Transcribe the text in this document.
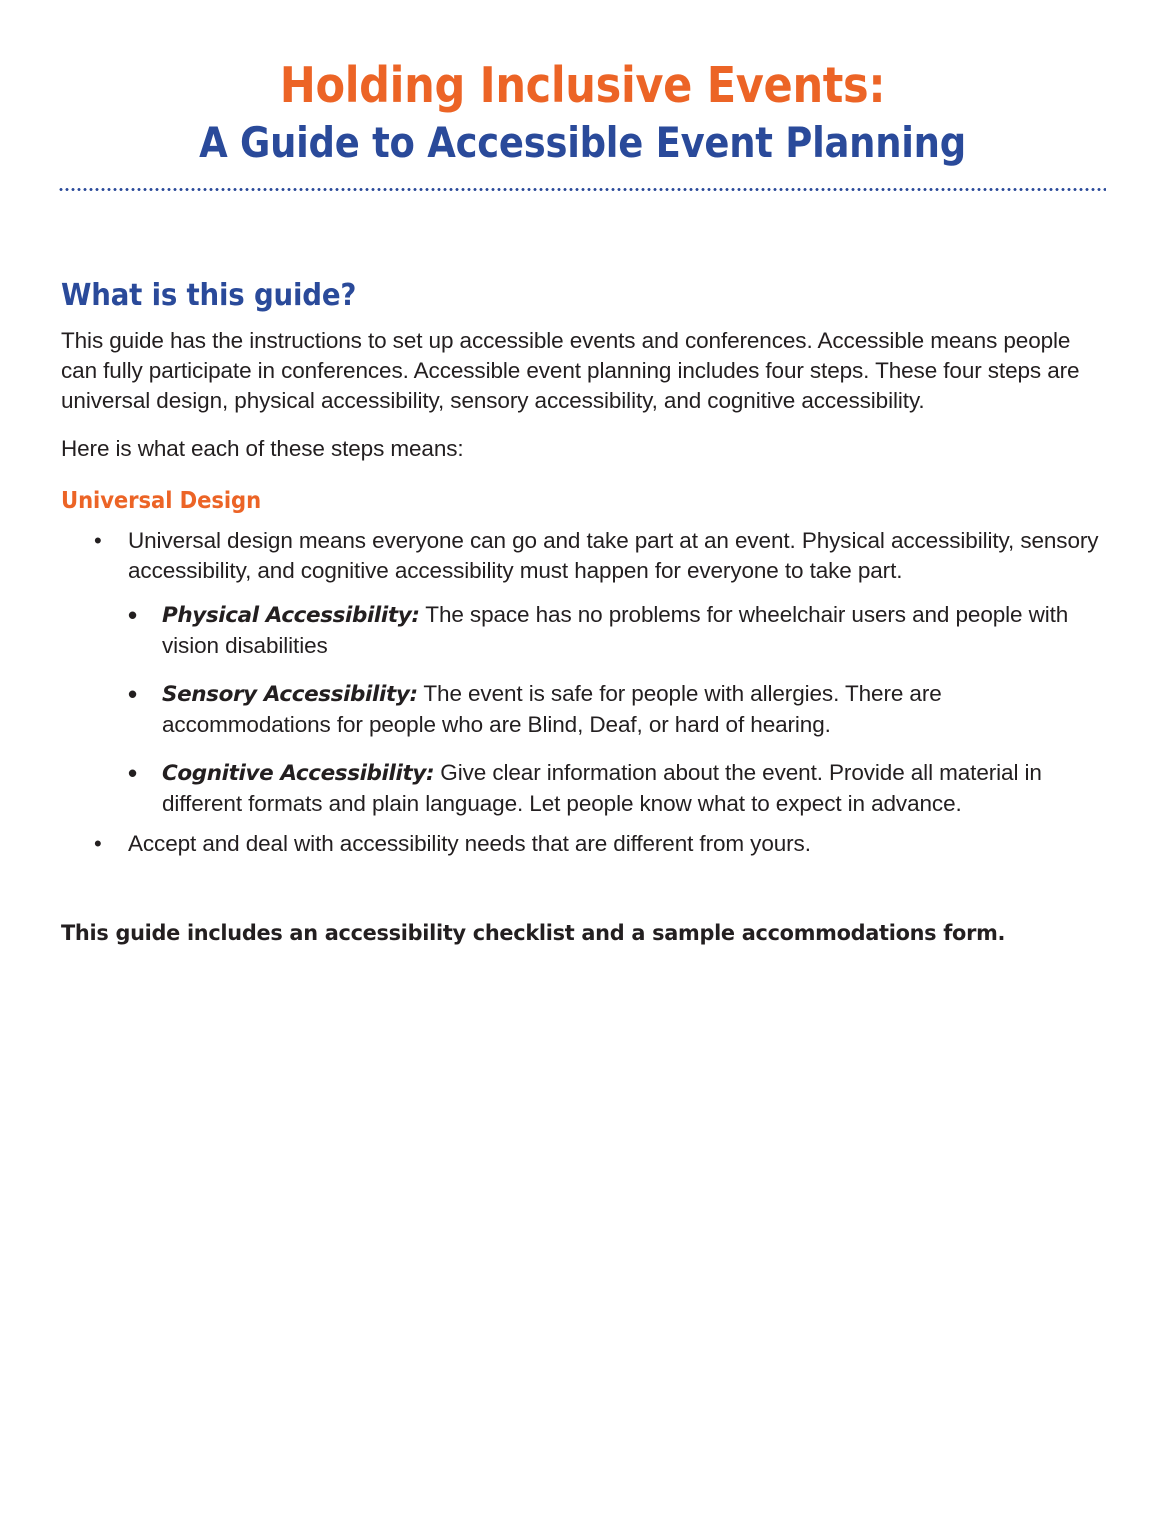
Holding Inclusive Events:
A Guide to Accessible Event Planning
What is this guide?

This guide has the instructions to set up accessible events and conferences. Accessible means people can fully participate in conferences. Accessible event planning includes four steps. These four steps are universal design, physical accessibility, sensory accessibility, and cognitive accessibility.

Here is what each of these steps means:

Universal Design
• Universal design means everyone can go and take part at an event. Physical accessibility, sensory accessibility, and cognitive accessibility must happen for everyone to take part.
• Physical Accessibility: The space has no problems for wheelchair users and people with vision disabilities
• Sensory Accessibility: The event is safe for people with allergies. There are accommodations for people who are Blind, Deaf, or hard of hearing.
• Cognitive Accessibility: Give clear information about the event. Provide all material in different formats and plain language. Let people know what to expect in advance.
• Accept and deal with accessibility needs that are different from yours.

This guide includes an accessibility checklist and a sample accommodations form.
